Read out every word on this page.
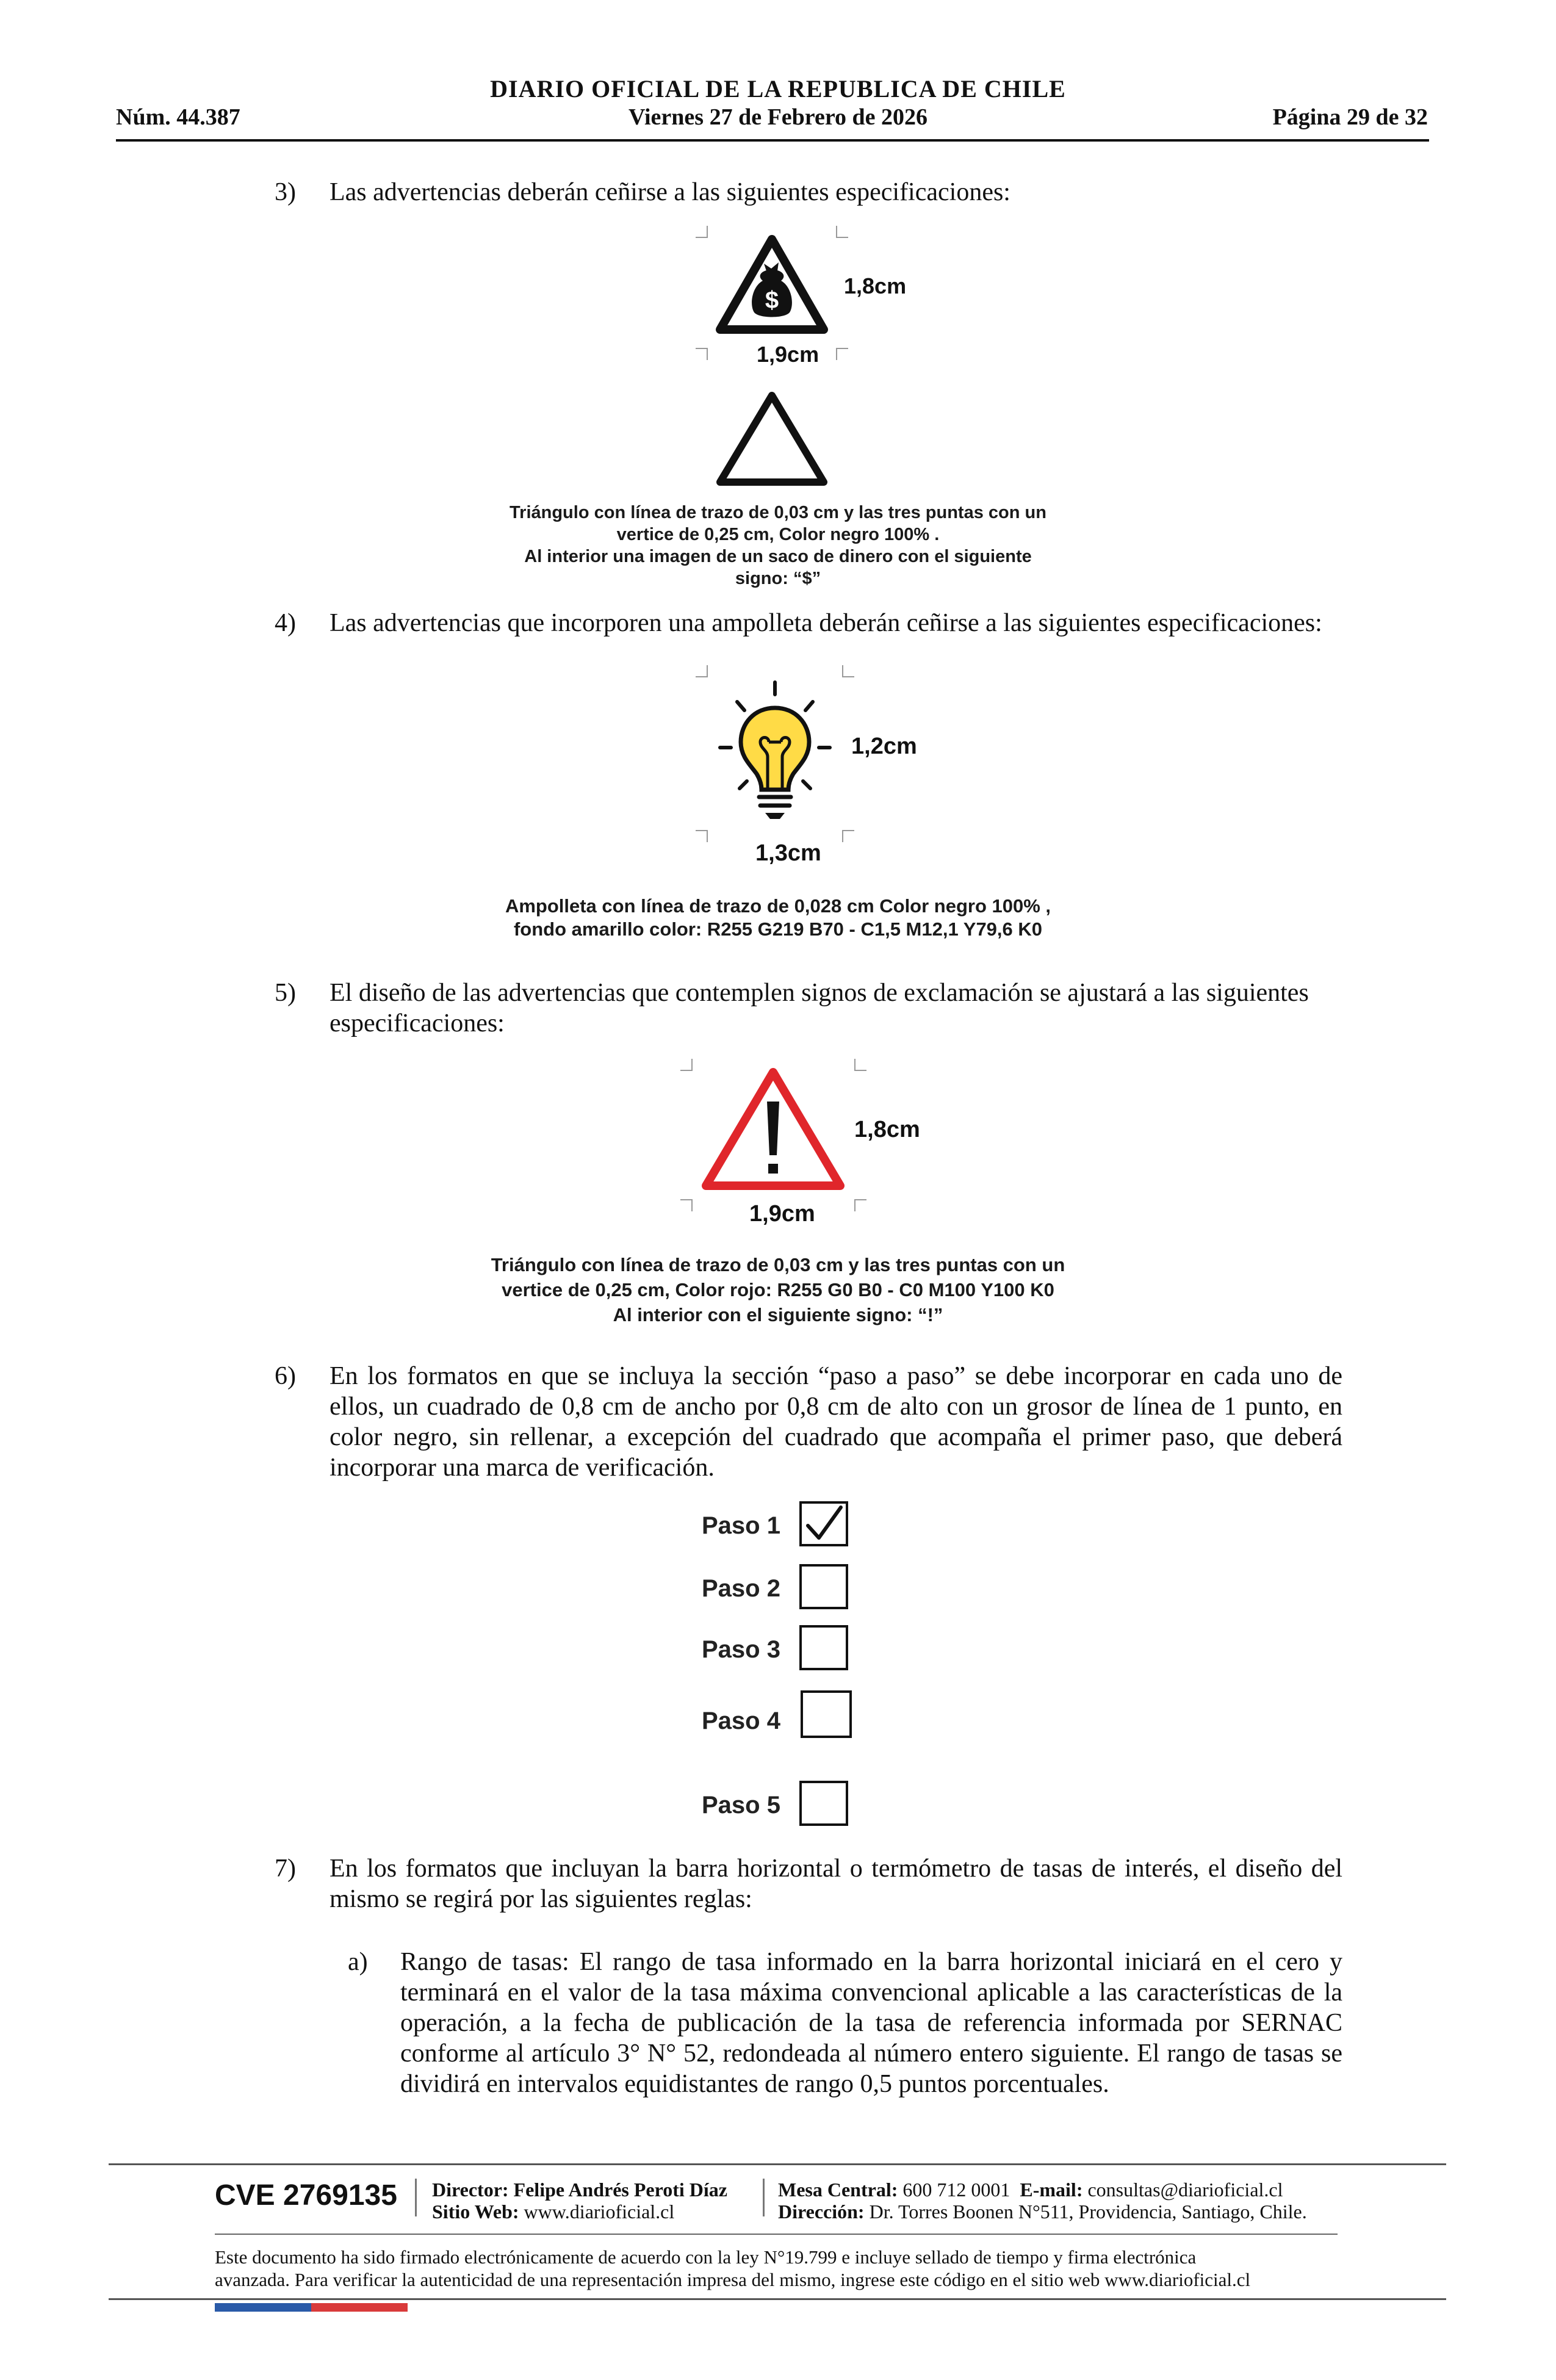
DIARIO OFICIAL DE LA REPUBLICA DE CHILE
Núm. 44.387	Viernes 27 de Febrero de 2026	Página 29 de 32
3)	Las advertencias deberán ceñirse a las siguientes especificaciones:
$
1,8cm
1,9cm
Triángulo con línea de trazo de 0,03 cm y las tres puntas con un
vertice de 0,25 cm, Color negro 100% .
Al interior una imagen de un saco de dinero con el siguiente
signo: “$”
4)	Las advertencias que incorporen una ampolleta deberán ceñirse a las siguientes especificaciones:
1,2cm
1,3cm
Ampolleta con línea de trazo de 0,028 cm Color negro 100% ,
fondo amarillo color: R255 G219 B70 - C1,5 M12,1 Y79,6 K0
5)	El diseño de las advertencias que contemplen signos de exclamación se ajustará a las siguientes especificaciones:
1,8cm
1,9cm
Triángulo con línea de trazo de 0,03 cm y las tres puntas con un
vertice de 0,25 cm, Color rojo: R255 G0 B0 - C0 M100 Y100 K0
Al interior con el siguiente signo: “!”
6)	En los formatos en que se incluya la sección “paso a paso” se debe incorporar en cada uno de ellos, un cuadrado de 0,8 cm de ancho por 0,8 cm de alto con un grosor de línea de 1 punto, en color negro, sin rellenar, a excepción del cuadrado que acompaña el primer paso, que deberá incorporar una marca de verificación.
Paso 1
Paso 2
Paso 3
Paso 4
Paso 5
7)	En los formatos que incluyan la barra horizontal o termómetro de tasas de interés, el diseño del mismo se regirá por las siguientes reglas:
a)	Rango de tasas: El rango de tasa informado en la barra horizontal iniciará en el cero y terminará en el valor de la tasa máxima convencional aplicable a las características de la operación, a la fecha de publicación de la tasa de referencia informada por SERNAC conforme al artículo 3° N° 52, redondeada al número entero siguiente. El rango de tasas se dividirá en intervalos equidistantes de rango 0,5 puntos porcentuales.
CVE 2769135 Director: Felipe Andrés Peroti Díaz
Sitio Web: www.diarioficial.cl
Mesa Central: 600 712 0001 E-mail: consultas@diarioficial.cl
Dirección: Dr. Torres Boonen N°511, Providencia, Santiago, Chile.
Este documento ha sido firmado electrónicamente de acuerdo con la ley N°19.799 e incluye sellado de tiempo y firma electrónica
avanzada. Para verificar la autenticidad de una representación impresa del mismo, ingrese este código en el sitio web www.diarioficial.cl
